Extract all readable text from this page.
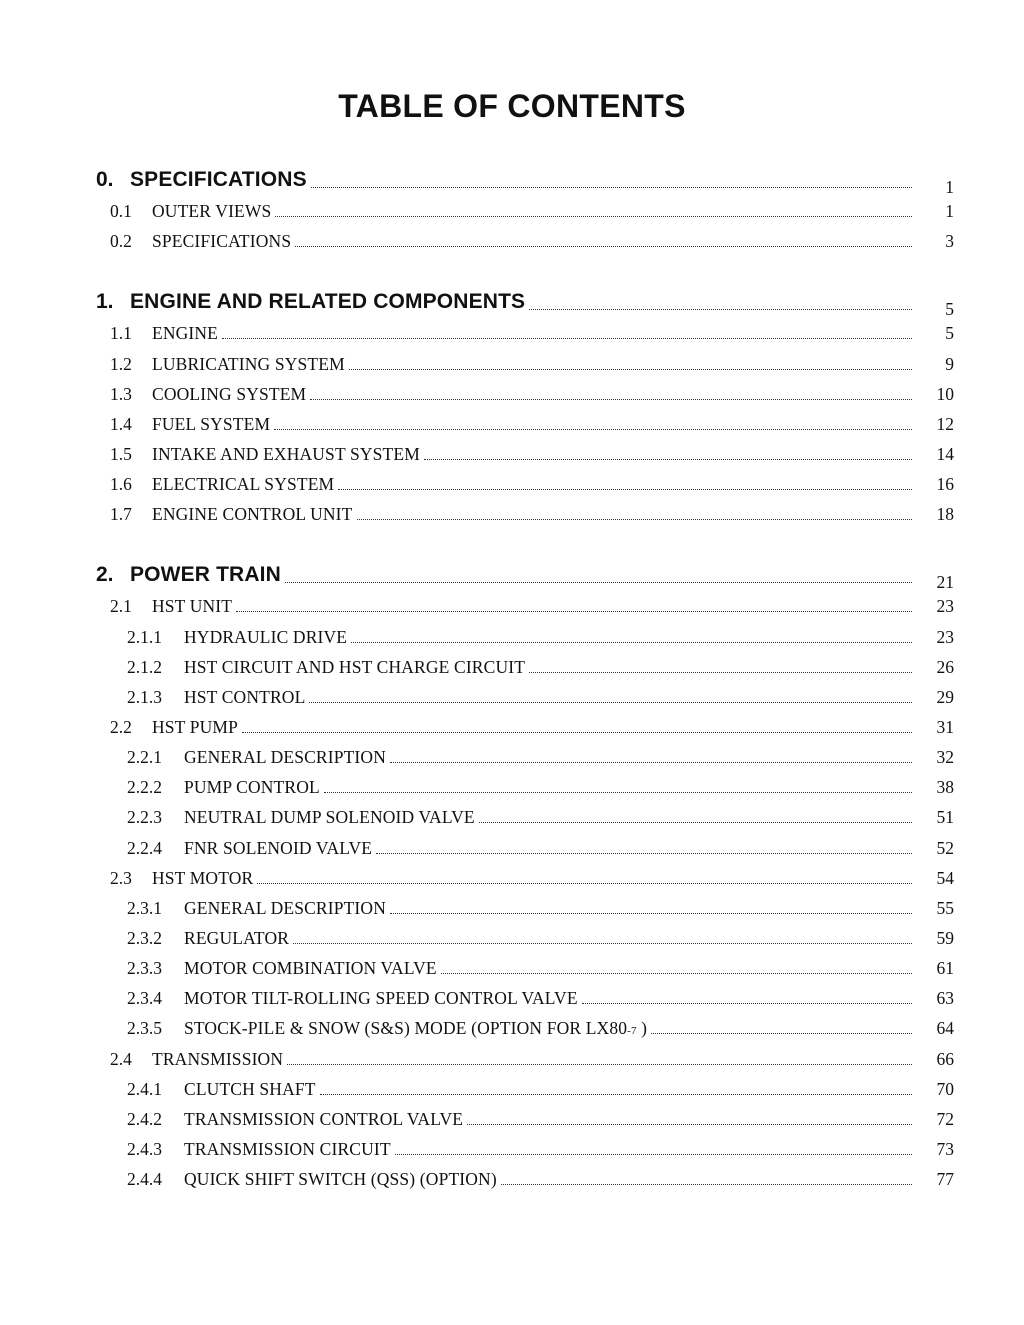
TABLE OF CONTENTS
0. SPECIFICATIONS	1
0.1	OUTER VIEWS	1
0.2	SPECIFICATIONS	3
1. ENGINE AND RELATED COMPONENTS	5
1.1	ENGINE	5
1.2	LUBRICATING SYSTEM	9
1.3	COOLING SYSTEM	10
1.4	FUEL SYSTEM	12
1.5	INTAKE AND EXHAUST SYSTEM	14
1.6	ELECTRICAL SYSTEM	16
1.7	ENGINE CONTROL UNIT	18
2. POWER TRAIN	21
2.1	HST UNIT	23
2.1.1	HYDRAULIC DRIVE	23
2.1.2	HST CIRCUIT AND HST CHARGE CIRCUIT	26
2.1.3	HST CONTROL	29
2.2	HST PUMP	31
2.2.1	GENERAL DESCRIPTION	32
2.2.2	PUMP CONTROL	38
2.2.3	NEUTRAL DUMP SOLENOID VALVE	51
2.2.4	FNR SOLENOID VALVE	52
2.3	HST MOTOR	54
2.3.1	GENERAL DESCRIPTION	55
2.3.2	REGULATOR	59
2.3.3	MOTOR COMBINATION VALVE	61
2.3.4	MOTOR TILT-ROLLING SPEED CONTROL VALVE	63
2.3.5	STOCK-PILE & SNOW (S&S) MODE (OPTION FOR LX80-7 )	64
2.4	TRANSMISSION	66
2.4.1	CLUTCH SHAFT	70
2.4.2	TRANSMISSION CONTROL VALVE	72
2.4.3	TRANSMISSION CIRCUIT	73
2.4.4	QUICK SHIFT SWITCH (QSS) (OPTION)	77
